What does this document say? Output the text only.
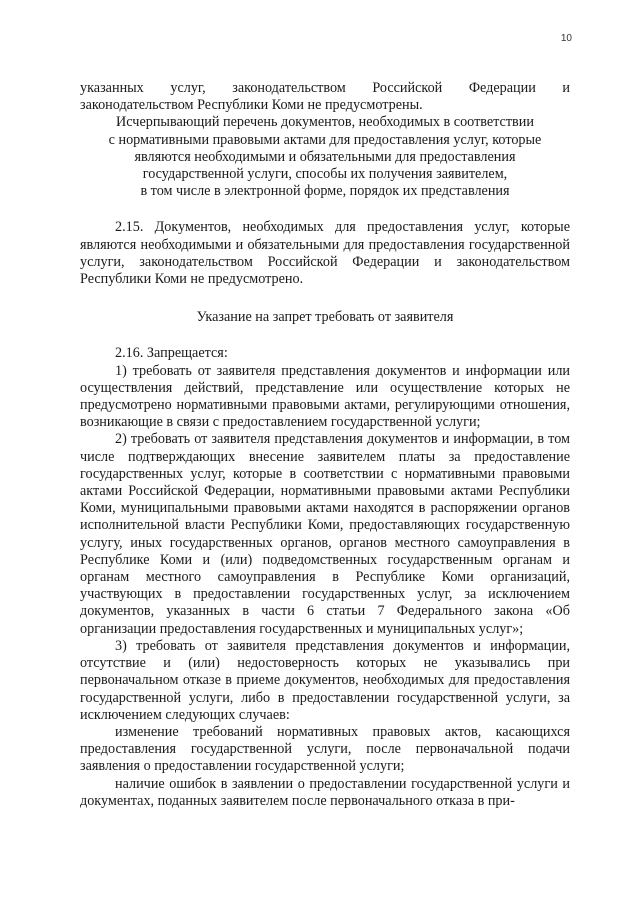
10

указанных услуг, законодательством Российской Федерации и законодательством Республики Коми не предусмотрены.

Исчерпывающий перечень документов, необходимых в соответствии
с нормативными правовыми актами для предоставления услуг, которые
являются необходимыми и обязательными для предоставления
государственной услуги, способы их получения заявителем,
в том числе в электронной форме, порядок их представления

2.15. Документов, необходимых для предоставления услуг, которые являются необходимыми и обязательными для предоставления государственной услуги, законодательством Российской Федерации и законодательством Республики Коми не предусмотрено.

Указание на запрет требовать от заявителя

2.16. Запрещается:

1) требовать от заявителя представления документов и информации или осуществления действий, представление или осуществление которых не предусмотрено нормативными правовыми актами, регулирующими отношения, возникающие в связи с предоставлением государственной услуги;

2) требовать от заявителя представления документов и информации, в том числе подтверждающих внесение заявителем платы за предоставление государственных услуг, которые в соответствии с нормативными правовыми актами Российской Федерации, нормативными правовыми актами Республики Коми, муниципальными правовыми актами находятся в распоряжении органов исполнительной власти Республики Коми, предоставляющих государственную услугу, иных государственных органов, органов местного самоуправления в Республике Коми и (или) подведомственных государственным органам и органам местного самоуправления в Республике Коми организаций, участвующих в предоставлении государственных услуг, за исключением документов, указанных в части 6 статьи 7 Федерального закона «Об организации предоставления государственных и муниципальных услуг»;

3) требовать от заявителя представления документов и информации, отсутствие и (или) недостоверность которых не указывались при первоначальном отказе в приеме документов, необходимых для предоставления государственной услуги, либо в предоставлении государственной услуги, за исключением следующих случаев:

изменение требований нормативных правовых актов, касающихся предоставления государственной услуги, после первоначальной подачи заявления о предоставлении государственной услуги;

наличие ошибок в заявлении о предоставлении государственной услуги и документах, поданных заявителем после первоначального отказа в при-
